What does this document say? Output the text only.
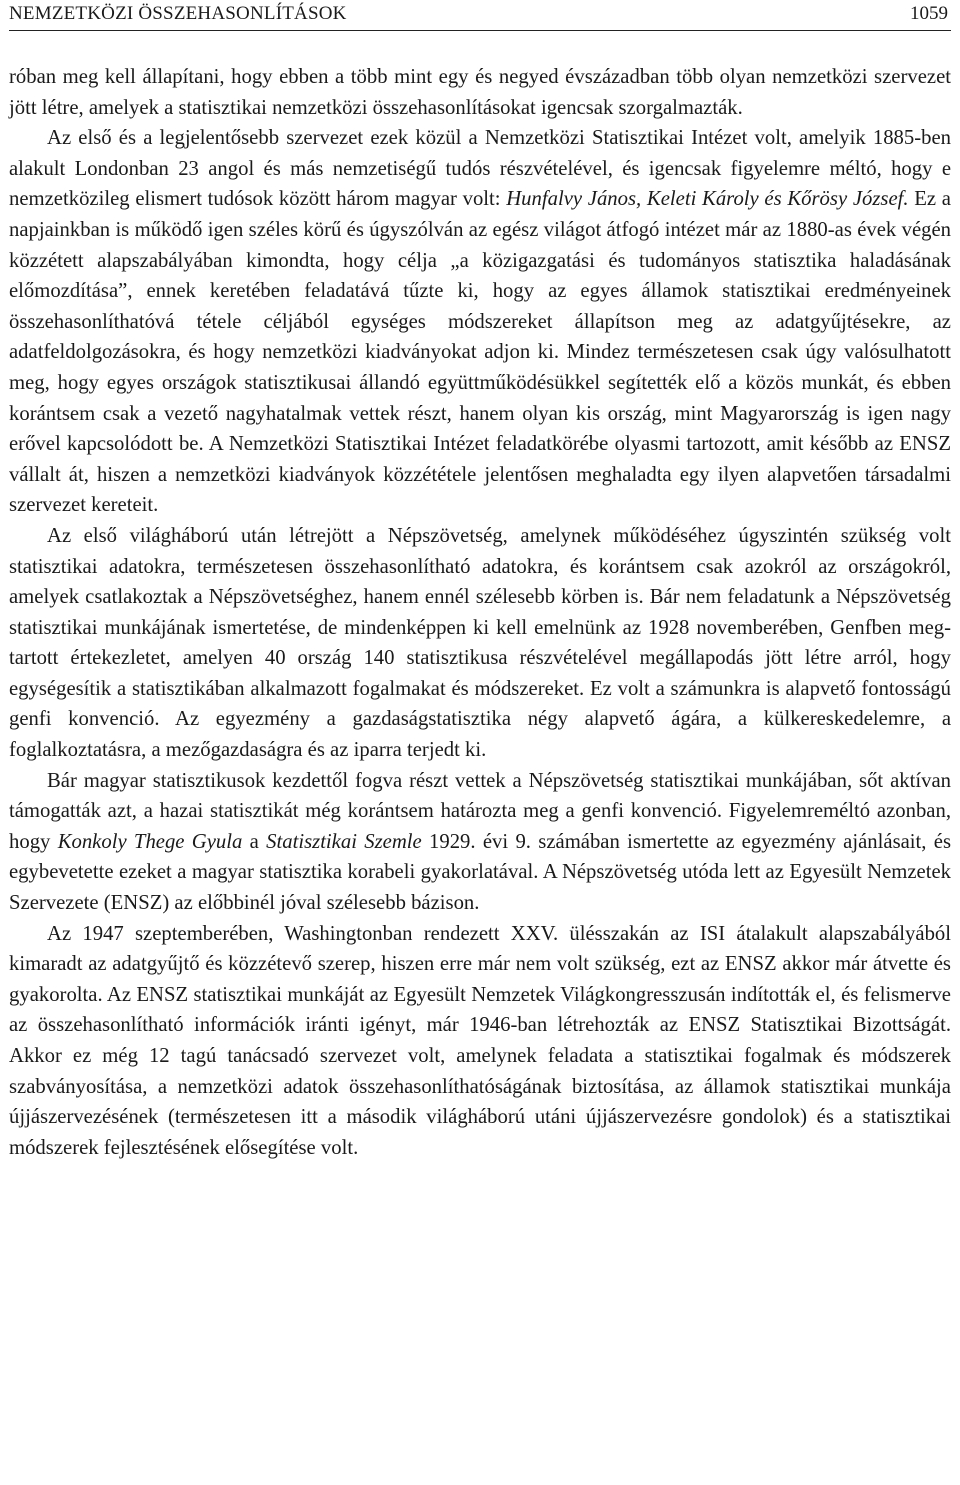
NEMZETKÖZI ÖSSZEHASONLÍTÁSOK	1059

róban meg kell állapítani, hogy ebben a több mint egy és negyed évszázadban több olyan nemzetközi szervezet jött létre, amelyek a statisztikai nemzetközi összehasonlításokat igencsak szorgalmazták.

Az első és a legjelentősebb szervezet ezek közül a Nemzetközi Statisztikai Intézet volt, amelyik 1885-ben alakult Londonban 23 angol és más nemzetiségű tudós részvételével, és igencsak figyelemre méltó, hogy e nemzetközileg elismert tudósok között három magyar volt: Hunfalvy János, Keleti Károly és Kőrösy József. Ez a napjainkban is működő igen széles körű és úgyszólván az egész világot átfogó intézet már az 1880-as évek végén közzétett alapszabályában kimondta, hogy célja „a közigazgatási és tudományos statisztika haladásának előmozdítása”, ennek keretében feladatává tűzte ki, hogy az egyes államok statisztikai eredményeinek összehasonlíthatóvá tétele céljából egységes módszereket állapítson meg az adatgyűjtésekre, az adatfeldolgozásokra, és hogy nemzetközi kiadványokat adjon ki. Mindez természetesen csak úgy valósulhatott meg, hogy egyes országok statisztikusai állandó együttműködésükkel segítették elő a közös munkát, és ebben korántsem csak a vezető nagyhatalmak vettek részt, hanem olyan kis ország, mint Magyarország is igen nagy erővel kapcsolódott be. A Nemzetközi Statisztikai Intézet feladatkörébe olyasmi tartozott, amit később az ENSZ vállalt át, hiszen a nemzetközi kiadványok közzététele jelentősen meghaladta egy ilyen alapvetően társadalmi szervezet kereteit.

Az első világháború után létrejött a Népszövetség, amelynek működéséhez úgyszintén szükség volt statisztikai adatokra, természetesen összehasonlítható adatokra, és korántsem csak azokról az országokról, amelyek csatlakoztak a Népszövetséghez, hanem ennél szélesebb körben is. Bár nem feladatunk a Népszövetség statisztikai munkájának ismertetése, de mindenképpen ki kell emelnünk az 1928 novemberében, Genfben megtartott értekezletet, amelyen 40 ország 140 statisztikusa részvételével megállapodás jött létre arról, hogy egységesítik a statisztikában alkalmazott fogalmakat és módszereket. Ez volt a számunkra is alapvető fontosságú genfi konvenció. Az egyezmény a gazdaságstatisztika négy alapvető ágára, a külkereskedelemre, a foglalkoztatásra, a mezőgazdaságra és az iparra terjedt ki.

Bár magyar statisztikusok kezdettől fogva részt vettek a Népszövetség statisztikai munkájában, sőt aktívan támogatták azt, a hazai statisztikát még korántsem határozta meg a genfi konvenció. Figyelemreméltó azonban, hogy Konkoly Thege Gyula a Statisztikai Szemle 1929. évi 9. számában ismertette az egyezmény ajánlásait, és egybevetette ezeket a magyar statisztika korabeli gyakorlatával. A Népszövetség utóda lett az Egyesült Nemzetek Szervezete (ENSZ) az előbbinél jóval szélesebb bázison.

Az 1947 szeptemberében, Washingtonban rendezett XXV. ülésszakán az ISI átalakult alapszabályából kimaradt az adatgyűjtő és közzétevő szerep, hiszen erre már nem volt szükség, ezt az ENSZ akkor már átvette és gyakorolta. Az ENSZ statisztikai munkáját az Egyesült Nemzetek Világkongresszusán indították el, és felismerve az összehasonlítható információk iránti igényt, már 1946-ban létrehozták az ENSZ Statisztikai Bizottságát. Akkor ez még 12 tagú tanácsadó szervezet volt, amelynek feladata a statisztikai fogalmak és módszerek szabványosítása, a nemzetközi adatok összehasonlíthatóságának biztosítása, az államok statisztikai munkája újjászervezésének (természetesen itt a második világháború utáni újjászervezésre gondolok) és a statisztikai módszerek fejlesztésének elősegítése volt.
